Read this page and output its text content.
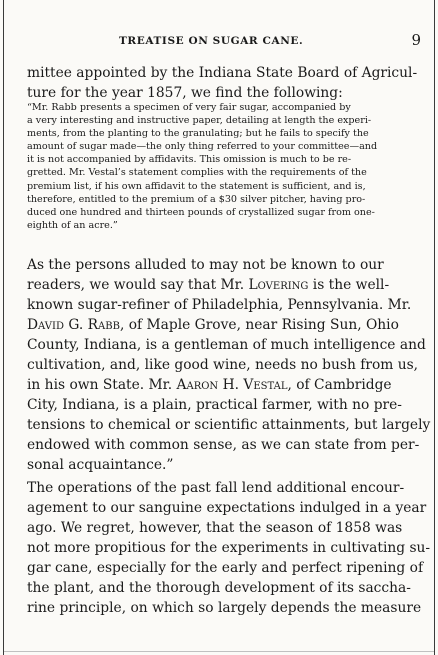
TREATISE ON SUGAR CANE.	9
mittee appointed by the Indiana State Board of Agricul-
ture for the year 1857, we find the following:
“Mr. Rabb presents a specimen of very fair sugar, accompanied by
a very interesting and instructive paper, detailing at length the experi-
ments, from the planting to the granulating; but he fails to specify the
amount of sugar made—the only thing referred to your committee—and
it is not accompanied by affidavits. This omission is much to be re-
gretted. Mr. Vestal’s statement complies with the requirements of the
premium list, if his own affidavit to the statement is sufficient, and is,
therefore, entitled to the premium of a $30 silver pitcher, having pro-
duced one hundred and thirteen pounds of crystallized sugar from one-
eighth of an acre.”
As the persons alluded to may not be known to our
readers, we would say that Mr. Lovering is the well-
known sugar-refiner of Philadelphia, Pennsylvania. Mr.
David G. Rabb, of Maple Grove, near Rising Sun, Ohio
County, Indiana, is a gentleman of much intelligence and
cultivation, and, like good wine, needs no bush from us,
in his own State. Mr. Aaron H. Vestal, of Cambridge
City, Indiana, is a plain, practical farmer, with no pre-
tensions to chemical or scientific attainments, but largely
endowed with common sense, as we can state from per-
sonal acquaintance.”
The operations of the past fall lend additional encour-
agement to our sanguine expectations indulged in a year
ago. We regret, however, that the season of 1858 was
not more propitious for the experiments in cultivating su-
gar cane, especially for the early and perfect ripening of
the plant, and the thorough development of its saccha-
rine principle, on which so largely depends the measure
